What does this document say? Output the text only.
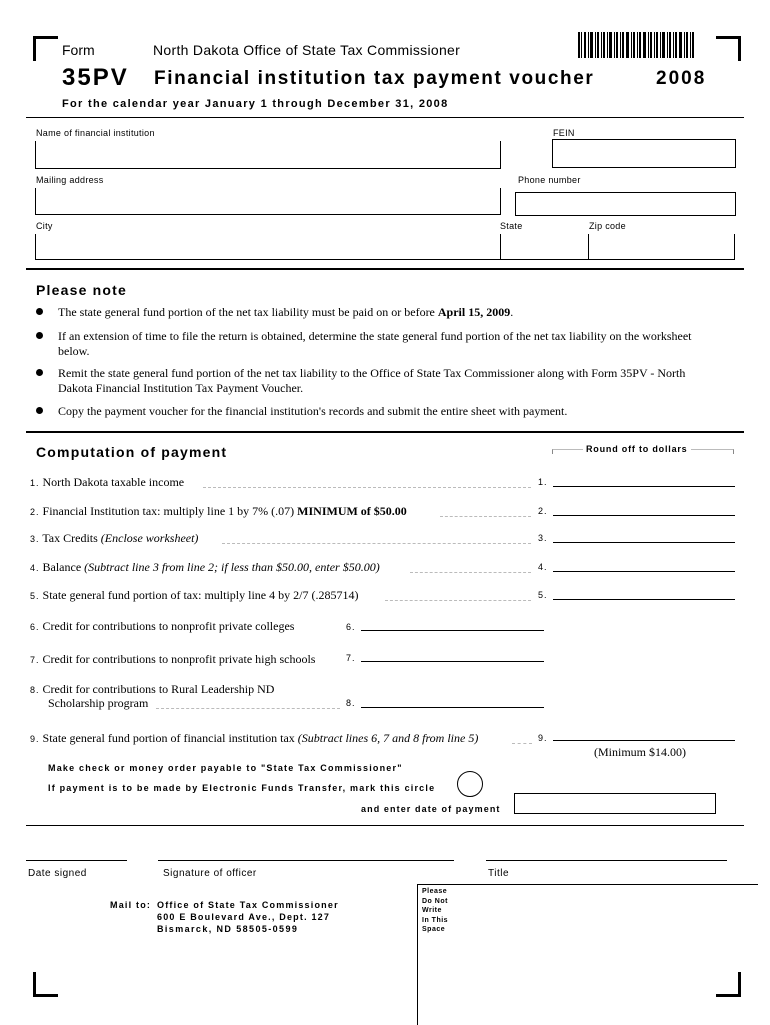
Form	North Dakota Office of State Tax Commissioner
35PV Financial institution tax payment voucher	2008
For the calendar year January 1 through December 31, 2008
Name of financial institution	FEIN
Mailing address	Phone number
City	State	Zip code
Please note
The state general fund portion of the net tax liability must be paid on or before April 15, 2009.
If an extension of time to file the return is obtained, determine the state general fund portion of the net tax liability on the worksheet below.
Remit the state general fund portion of the net tax liability to the Office of State Tax Commissioner along with Form 35PV - North Dakota Financial Institution Tax Payment Voucher.
Copy the payment voucher for the financial institution's records and submit the entire sheet with payment.
Computation of payment	Round off to dollars
1. North Dakota taxable income	1.
2. Financial Institution tax: multiply line 1 by 7% (.07) MINIMUM of $50.00	2.
3. Tax Credits (Enclose worksheet)	3.
4. Balance (Subtract line 3 from line 2; if less than $50.00, enter $50.00)	4.
5. State general fund portion of tax: multiply line 4 by 2/7 (.285714)	5.
6. Credit for contributions to nonprofit private colleges	6.
7. Credit for contributions to nonprofit private high schools	7.
8. Credit for contributions to Rural Leadership ND
Scholarship program	8.
9. State general fund portion of financial institution tax (Subtract lines 6, 7 and 8 from line 5)	9.
(Minimum $14.00)
Make check or money order payable to "State Tax Commissioner"
If payment is to be made by Electronic Funds Transfer, mark this circle
and enter date of payment
Date signed	Signature of officer	Title
Mail to: Office of State Tax Commissioner
600 E Boulevard Ave., Dept. 127
Bismarck, ND 58505-0599
Please
Do Not
Write
In This
Space
